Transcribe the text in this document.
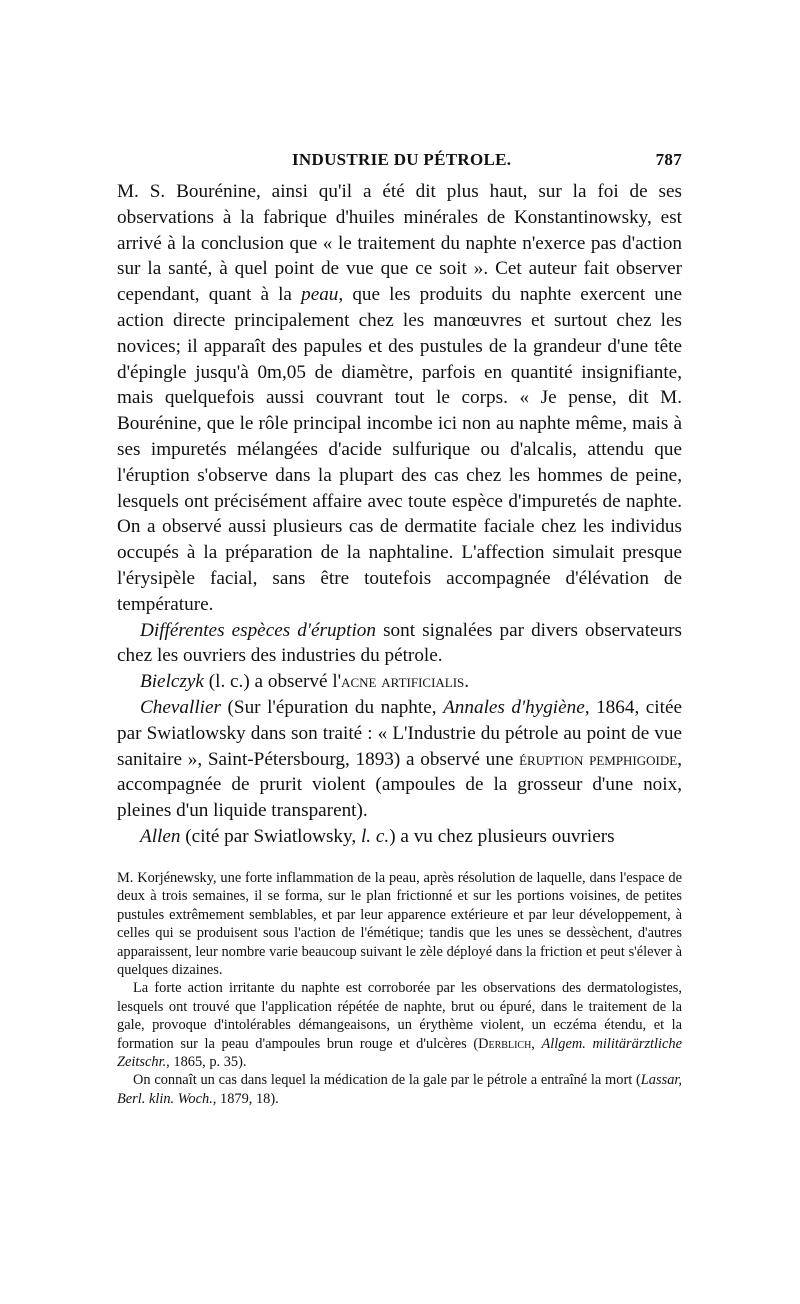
INDUSTRIE DU PÉTROLE.	787

M. S. Bourénine, ainsi qu'il a été dit plus haut, sur la foi de ses observations à la fabrique d'huiles minérales de Konstantinowsky, est arrivé à la conclusion que « le traitement du naphte n'exerce pas d'action sur la santé, à quel point de vue que ce soit ». Cet auteur fait observer cependant, quant à la peau, que les produits du naphte exercent une action directe principalement chez les manœuvres et surtout chez les novices; il apparaît des papules et des pustules de la grandeur d'une tête d'épingle jusqu'à 0m,05 de diamètre, parfois en quantité insignifiante, mais quelquefois aussi couvrant tout le corps. « Je pense, dit M. Bourénine, que le rôle principal incombe ici non au naphte même, mais à ses impuretés mélangées d'acide sulfurique ou d'alcalis, attendu que l'éruption s'observe dans la plupart des cas chez les hommes de peine, lesquels ont précisément affaire avec toute espèce d'impuretés de naphte. On a observé aussi plusieurs cas de dermatite faciale chez les individus occupés à la préparation de la naphtaline. L'affection simulait presque l'érysipèle facial, sans être toutefois accompagnée d'élévation de température.

Différentes espèces d'éruption sont signalées par divers observateurs chez les ouvriers des industries du pétrole.

Bielczyk (l. c.) a observé l'acne artificialis.

Chevallier (Sur l'épuration du naphte, Annales d'hygiène, 1864, citée par Swiatlowsky dans son traité : « L'Industrie du pétrole au point de vue sanitaire », Saint-Pétersbourg, 1893) a observé une éruption pemphigoide, accompagnée de prurit violent (ampoules de la grosseur d'une noix, pleines d'un liquide transparent).

Allen (cité par Swiatlowsky, l. c.) a vu chez plusieurs ouvriers

M. Korjénewsky, une forte inflammation de la peau, après résolution de laquelle, dans l'espace de deux à trois semaines, il se forma, sur le plan frictionné et sur les portions voisines, de petites pustules extrêmement semblables, et par leur apparence extérieure et par leur développement, à celles qui se produisent sous l'action de l'émétique; tandis que les unes se dessèchent, d'autres apparaissent, leur nombre varie beaucoup suivant le zèle déployé dans la friction et peut s'élever à quelques dizaines.

La forte action irritante du naphte est corroborée par les observations des dermatologistes, lesquels ont trouvé que l'application répétée de naphte, brut ou épuré, dans le traitement de la gale, provoque d'intolérables démangeaisons, un érythème violent, un eczéma étendu, et la formation sur la peau d'ampoules brun rouge et d'ulcères (Derblich, Allgem. militärärztliche Zeitschr., 1865, p. 35).

On connaît un cas dans lequel la médication de la gale par le pétrole a entraîné la mort (Lassar, Berl. klin. Woch., 1879, 18).
